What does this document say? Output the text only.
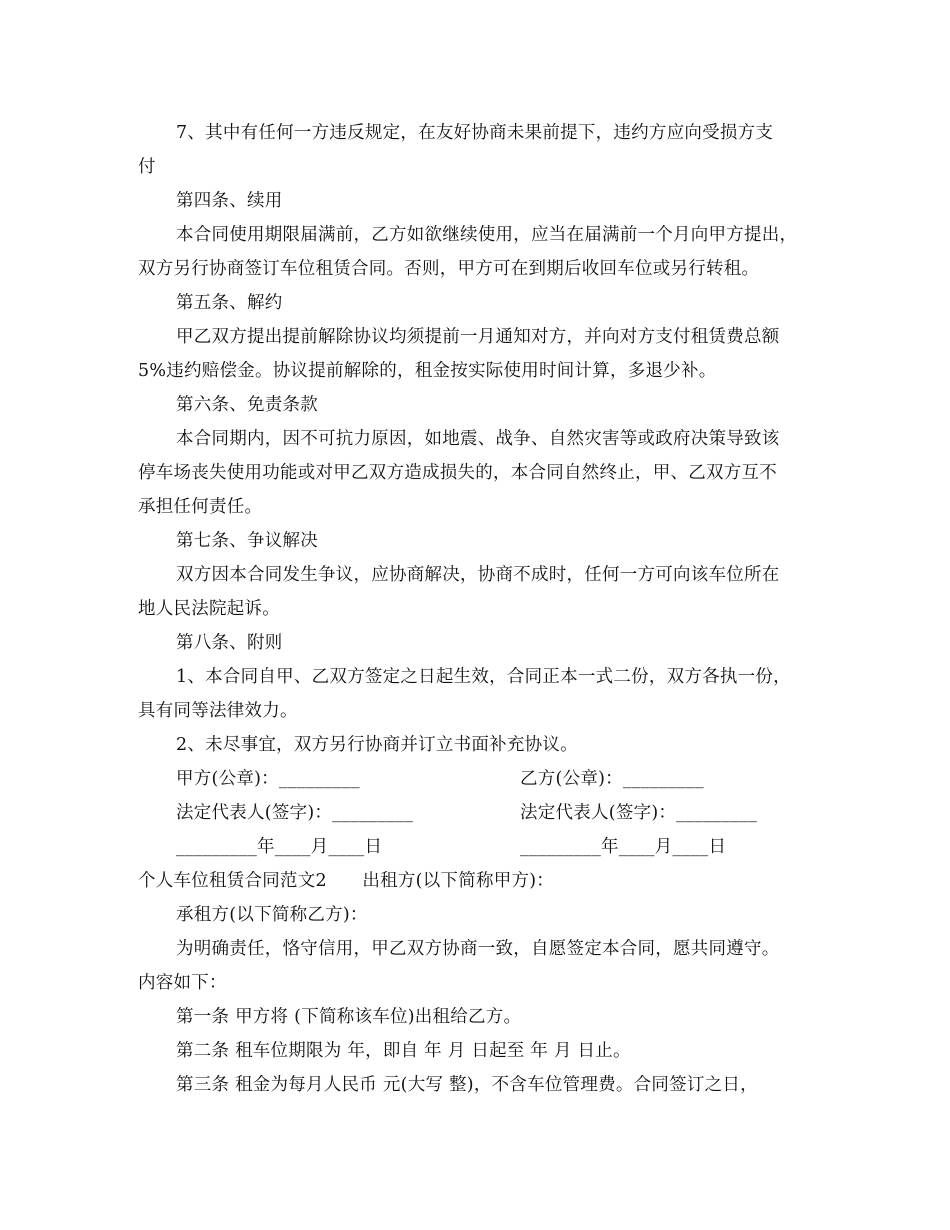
7、其中有任何一方违反规定，在友好协商未果前提下，违约方应向受损方支
付
第四条、续用
本合同使用期限届满前，乙方如欲继续使用，应当在届满前一个月向甲方提出，
双方另行协商签订车位租赁合同。否则，甲方可在到期后收回车位或另行转租。
第五条、解约
甲乙双方提出提前解除协议均须提前一月通知对方，并向对方支付租赁费总额
5%违约赔偿金。协议提前解除的，租金按实际使用时间计算，多退少补。
第六条、免责条款
本合同期内，因不可抗力原因，如地震、战争、自然灾害等或政府决策导致该
停车场丧失使用功能或对甲乙双方造成损失的，本合同自然终止，甲、乙双方互不
承担任何责任。
第七条、争议解决
双方因本合同发生争议，应协商解决，协商不成时，任何一方可向该车位所在
地人民法院起诉。
第八条、附则
1、本合同自甲、乙双方签定之日起生效，合同正本一式二份，双方各执一份，
具有同等法律效力。
2、未尽事宜，双方另行协商并订立书面补充协议。
甲方(公章)：_________	乙方(公章)：_________
法定代表人(签字)：_________	法定代表人(签字)：_________
_________年____月____日	_________年____月____日
个人车位租赁合同范文2　　出租方(以下简称甲方)：
承租方(以下简称乙方)：
为明确责任，恪守信用，甲乙双方协商一致，自愿签定本合同，愿共同遵守。
内容如下：
第一条 甲方将 (下简称该车位)出租给乙方。
第二条 租车位期限为 年，即自 年 月 日起至 年 月 日止。
第三条 租金为每月人民币 元(大写 整)，不含车位管理费。合同签订之日，
